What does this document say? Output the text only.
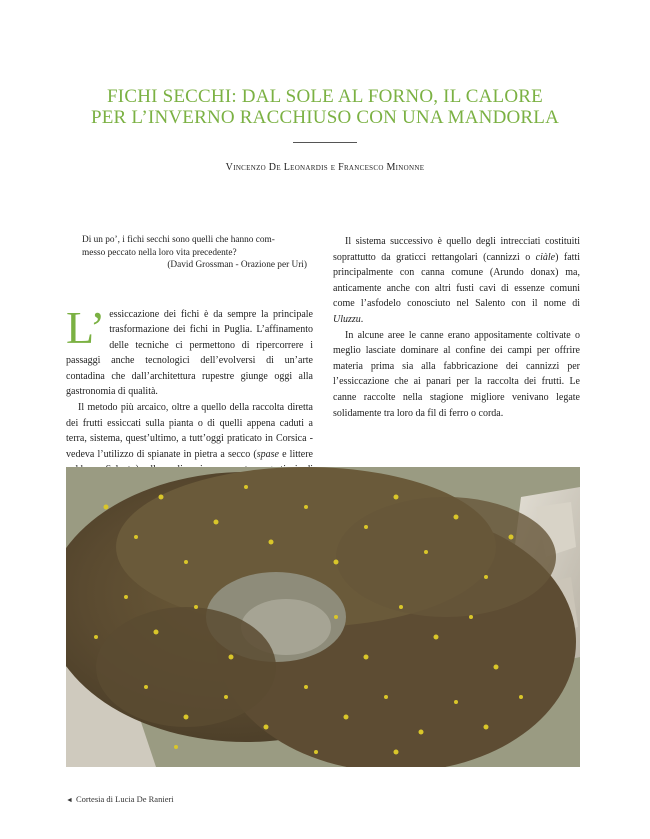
FICHI SECCHI: DAL SOLE AL FORNO, IL CALORE
PER L’INVERNO RACCHIUSO CON UNA MANDORLA
Vincenzo De Leonardis e Francesco Minonne
Di un po’, i fichi secchi sono quelli che hanno com-
messo peccato nella loro vita precedente?
(David Grossman - Orazione per Uri)
L’ essiccazione dei fichi è da sempre la principale trasformazione dei fichi in Puglia. L’affinamento delle tecniche ci permettono di ripercorrere i passaggi anche tecnologici dell’evolversi di un’arte contadina che dall’architettura rupestre giunge oggi alla gastronomia di qualità.

Il metodo più arcaico, oltre a quello della raccolta diretta dei frutti essiccati sulla pianta o di quelli appena caduti a terra, sistema, quest’ultimo, a tutt’oggi praticato in Corsica - vedeva l’utilizzo di spianate in pietra a secco (spase e littere

Il sistema successivo è quello degli intrecciati costituiti soprattutto da graticci rettangolari (cannizzi o ciàle) fatti principalmente con canna comune (Arundo donax) ma, anticamente anche con altri fusti cavi di essenze comuni come l’asfodelo conosciuto nel Salento con il nome di Uluzzu.

In alcune aree le canne erano appositamente coltivate o meglio lasciate dominare al confine dei campi per offrire materia prima sia alla fabbricazione dei cannizzi per l’essiccazione che ai panari per la raccolta dei frutti. Le canne raccolte nella stagione migliore venivano legate solidamente tra loro da fil di ferro o corda.

◄ Cortesia di Lucia De Ranieri
